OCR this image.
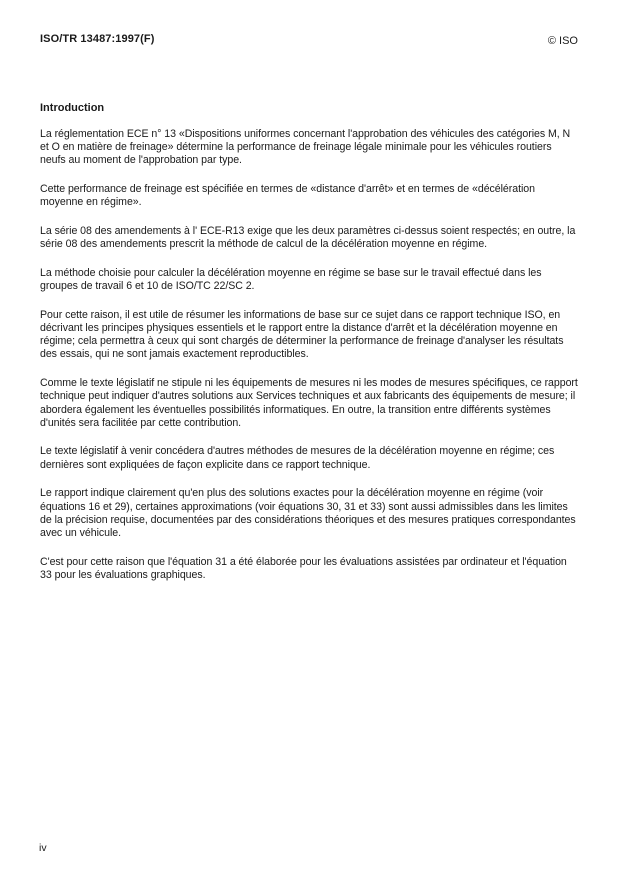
ISO/TR 13487:1997(F)	© ISO
Introduction

La réglementation ECE n° 13 «Dispositions uniformes concernant l'approbation des véhicules des catégories M, N et O en matière de freinage» détermine la performance de freinage légale minimale pour les véhicules routiers neufs au moment de l'approbation par type.

Cette performance de freinage est spécifiée en termes de «distance d'arrêt» et en termes de «décélération moyenne en régime».

La série 08 des amendements à l' ECE-R13 exige que les deux paramètres ci-dessus soient respectés; en outre, la série 08 des amendements prescrit la méthode de calcul de la décélération moyenne en régime.

La méthode choisie pour calculer la décélération moyenne en régime se base sur le travail effectué dans les groupes de travail 6 et 10 de ISO/TC 22/SC 2.

Pour cette raison, il est utile de résumer les informations de base sur ce sujet dans ce rapport technique ISO, en décrivant les principes physiques essentiels et le rapport entre la distance d'arrêt et la décélération moyenne en régime; cela permettra à ceux qui sont chargés de déterminer la performance de freinage d'analyser les résultats des essais, qui ne sont jamais exactement reproductibles.

Comme le texte législatif ne stipule ni les équipements de mesures ni les modes de mesures spécifiques, ce rapport technique peut indiquer d'autres solutions aux Services techniques et aux fabricants des équipements de mesure; il abordera également les éventuelles possibilités informatiques. En outre, la transition entre différents systèmes d'unités sera facilitée par cette contribution.

Le texte législatif à venir concédera d'autres méthodes de mesures de la décélération moyenne en régime; ces dernières sont expliquées de façon explicite dans ce rapport technique.

Le rapport indique clairement qu'en plus des solutions exactes pour la décélération moyenne en régime (voir équations 16 et 29), certaines approximations (voir équations 30, 31 et 33) sont aussi admissibles dans les limites de la précision requise, documentées par des considérations théoriques et des mesures pratiques correspondantes avec un véhicule.

C'est pour cette raison que l'équation 31 a été élaborée pour les évaluations assistées par ordinateur et l'équation 33 pour les évaluations graphiques.

iv
